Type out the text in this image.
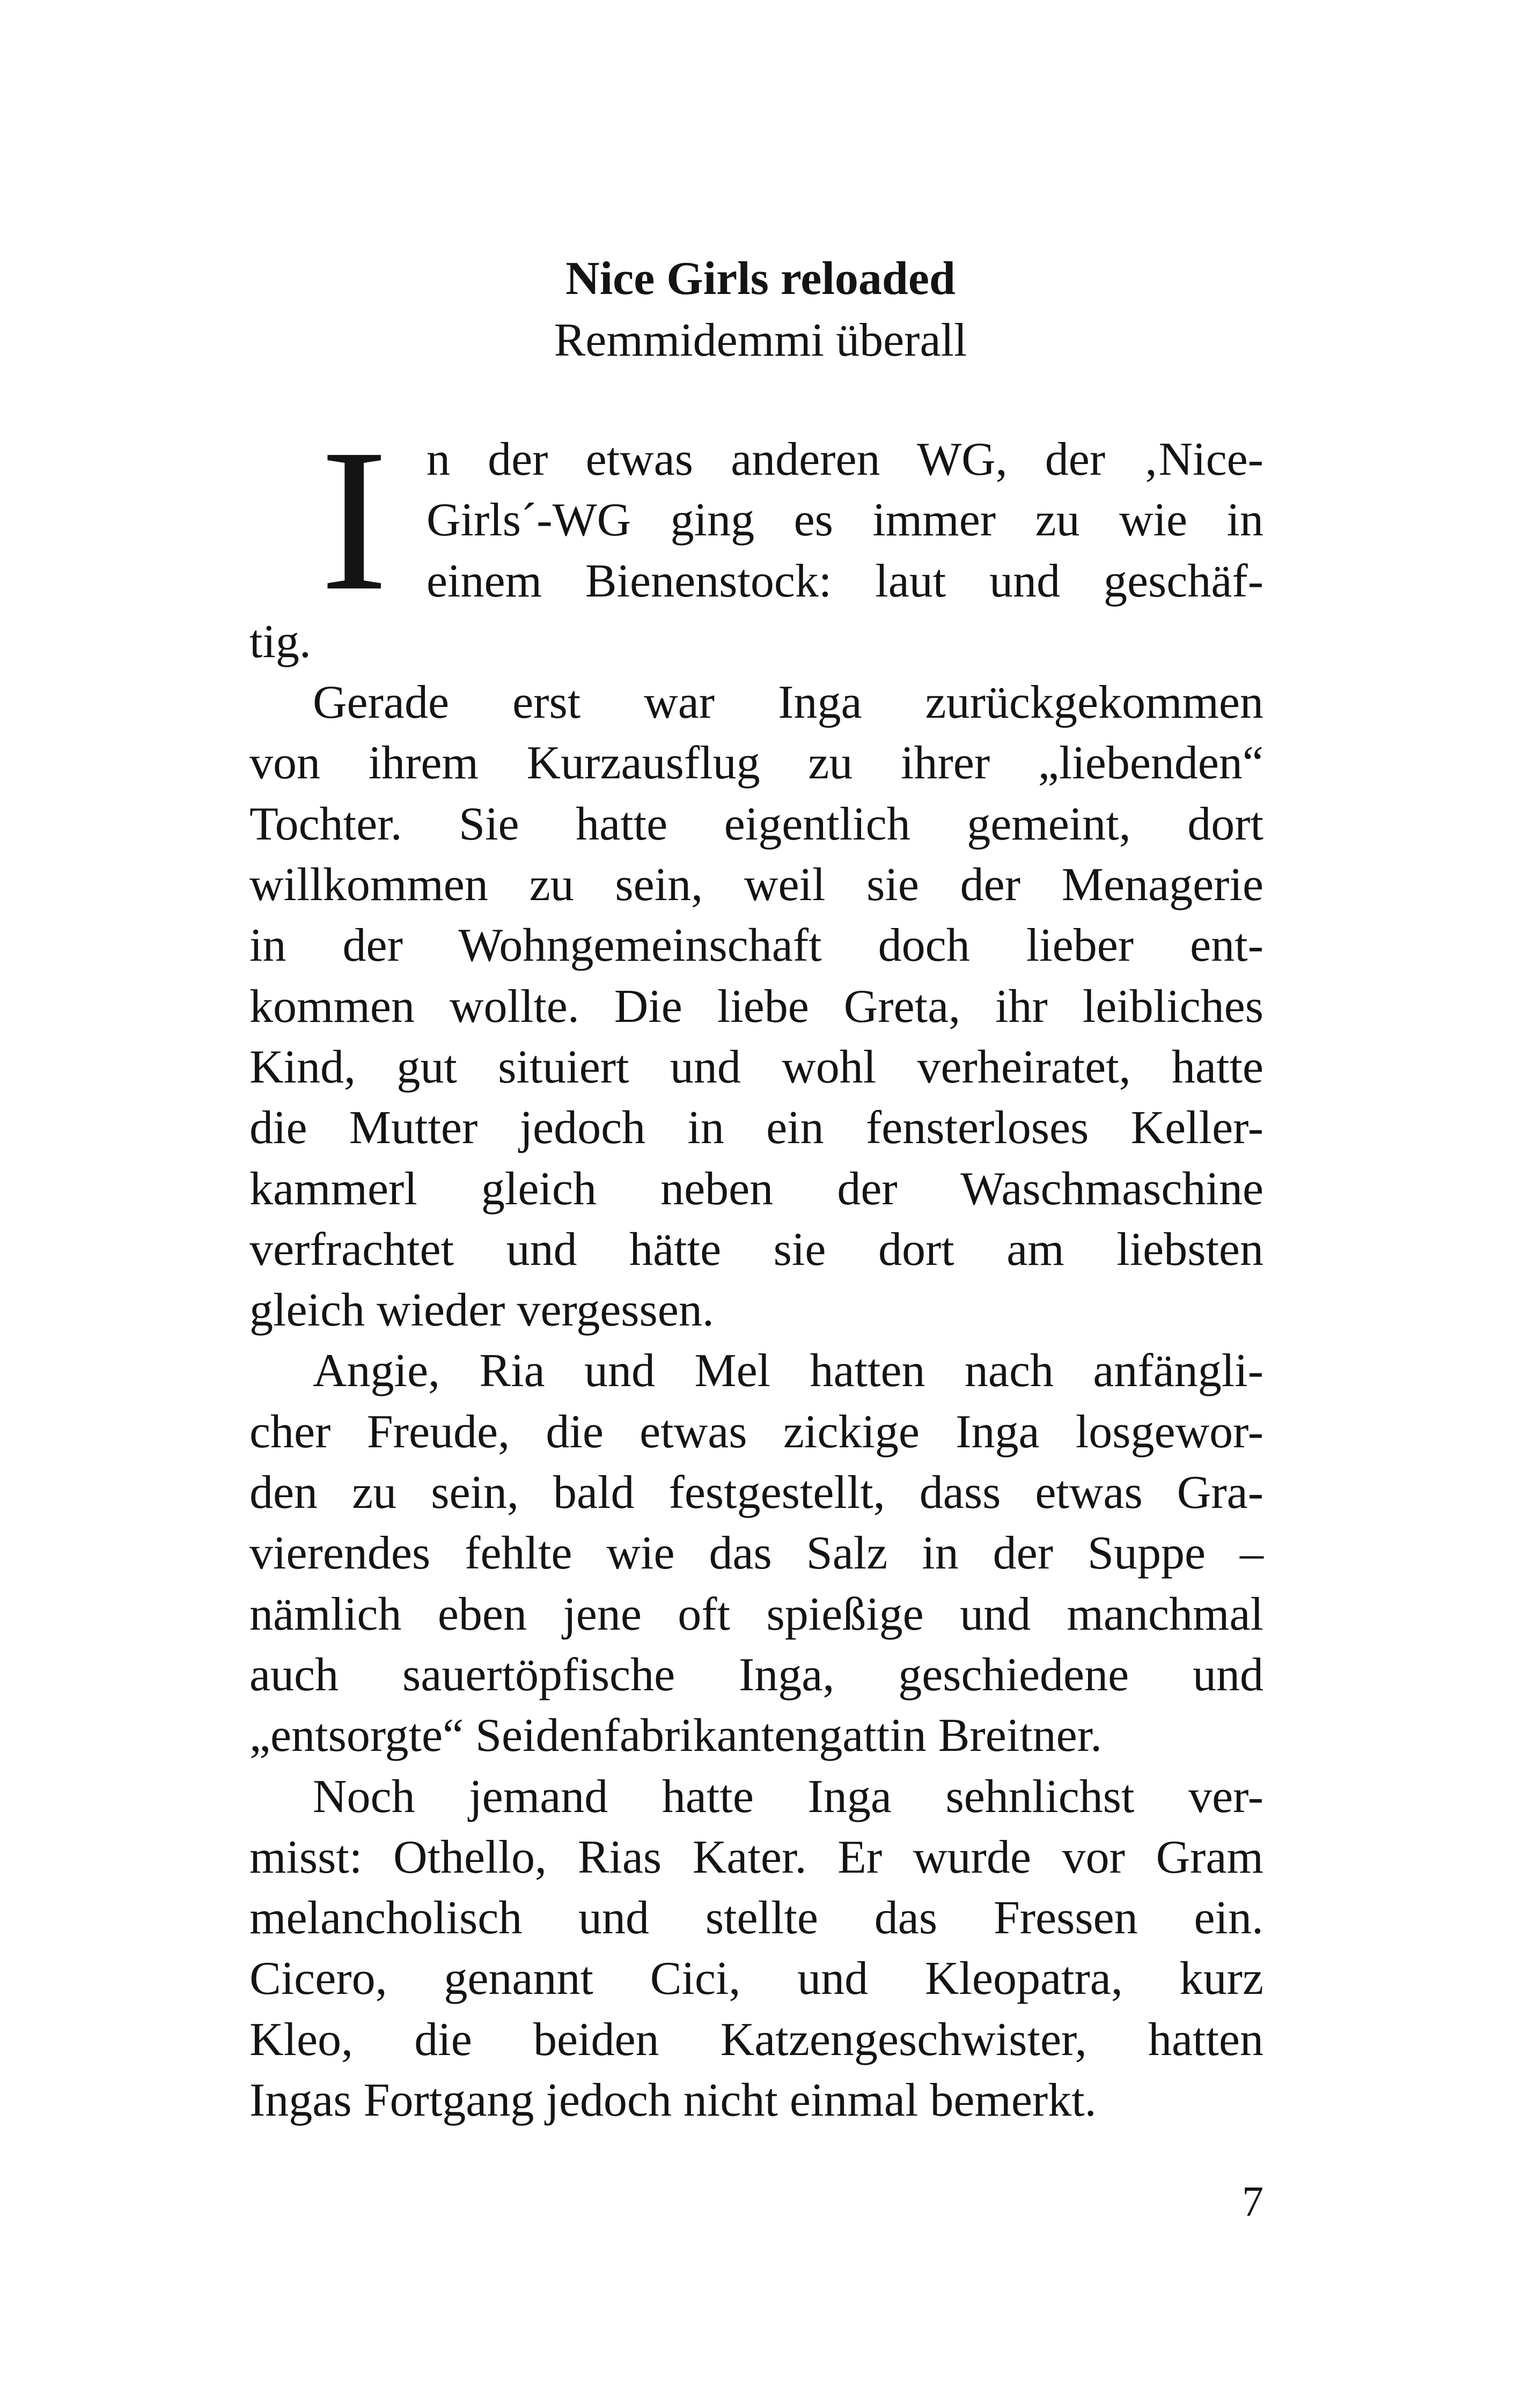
Nice Girls reloaded
Remmidemmi überall
I n der etwas anderen WG, der ‚Nice-
Girls´-WG ging es immer zu wie in
einem Bienenstock: laut und geschäf-
tig.
Gerade erst war Inga zurückgekommen
von ihrem Kurzausflug zu ihrer „liebenden“
Tochter. Sie hatte eigentlich gemeint, dort
willkommen zu sein, weil sie der Menagerie
in der Wohngemeinschaft doch lieber ent-
kommen wollte. Die liebe Greta, ihr leibliches
Kind, gut situiert und wohl verheiratet, hatte
die Mutter jedoch in ein fensterloses Keller-
kammerl gleich neben der Waschmaschine
verfrachtet und hätte sie dort am liebsten
gleich wieder vergessen.
Angie, Ria und Mel hatten nach anfängli-
cher Freude, die etwas zickige Inga losgewor-
den zu sein, bald festgestellt, dass etwas Gra-
vierendes fehlte wie das Salz in der Suppe –
nämlich eben jene oft spießige und manchmal
auch sauertöpfische Inga, geschiedene und
„entsorgte“ Seidenfabrikantengattin Breitner.
Noch jemand hatte Inga sehnlichst ver-
misst: Othello, Rias Kater. Er wurde vor Gram
melancholisch und stellte das Fressen ein.
Cicero, genannt Cici, und Kleopatra, kurz
Kleo, die beiden Katzengeschwister, hatten
Ingas Fortgang jedoch nicht einmal bemerkt.
7
